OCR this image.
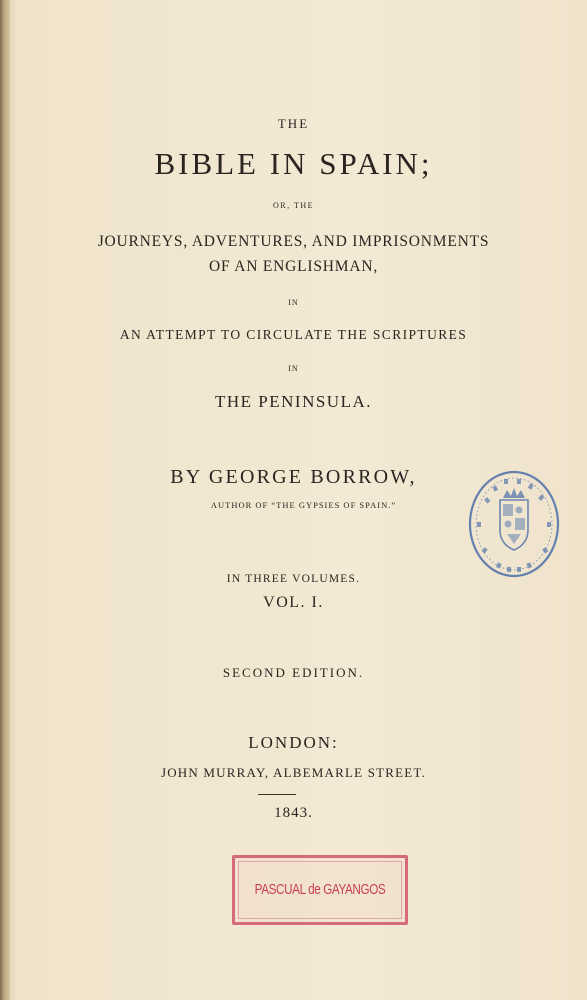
THE
BIBLE IN SPAIN;
OR, THE
JOURNEYS, ADVENTURES, AND IMPRISONMENTS
OF AN ENGLISHMAN,
IN
AN ATTEMPT TO CIRCULATE THE SCRIPTURES
IN
THE PENINSULA.
BY GEORGE BORROW,
AUTHOR OF “THE GYPSIES OF SPAIN.”
IN THREE VOLUMES.
VOL. I.
SECOND EDITION.
LONDON:
JOHN MURRAY, ALBEMARLE STREET.
1843.
PASCUAL de GAYANGOS
